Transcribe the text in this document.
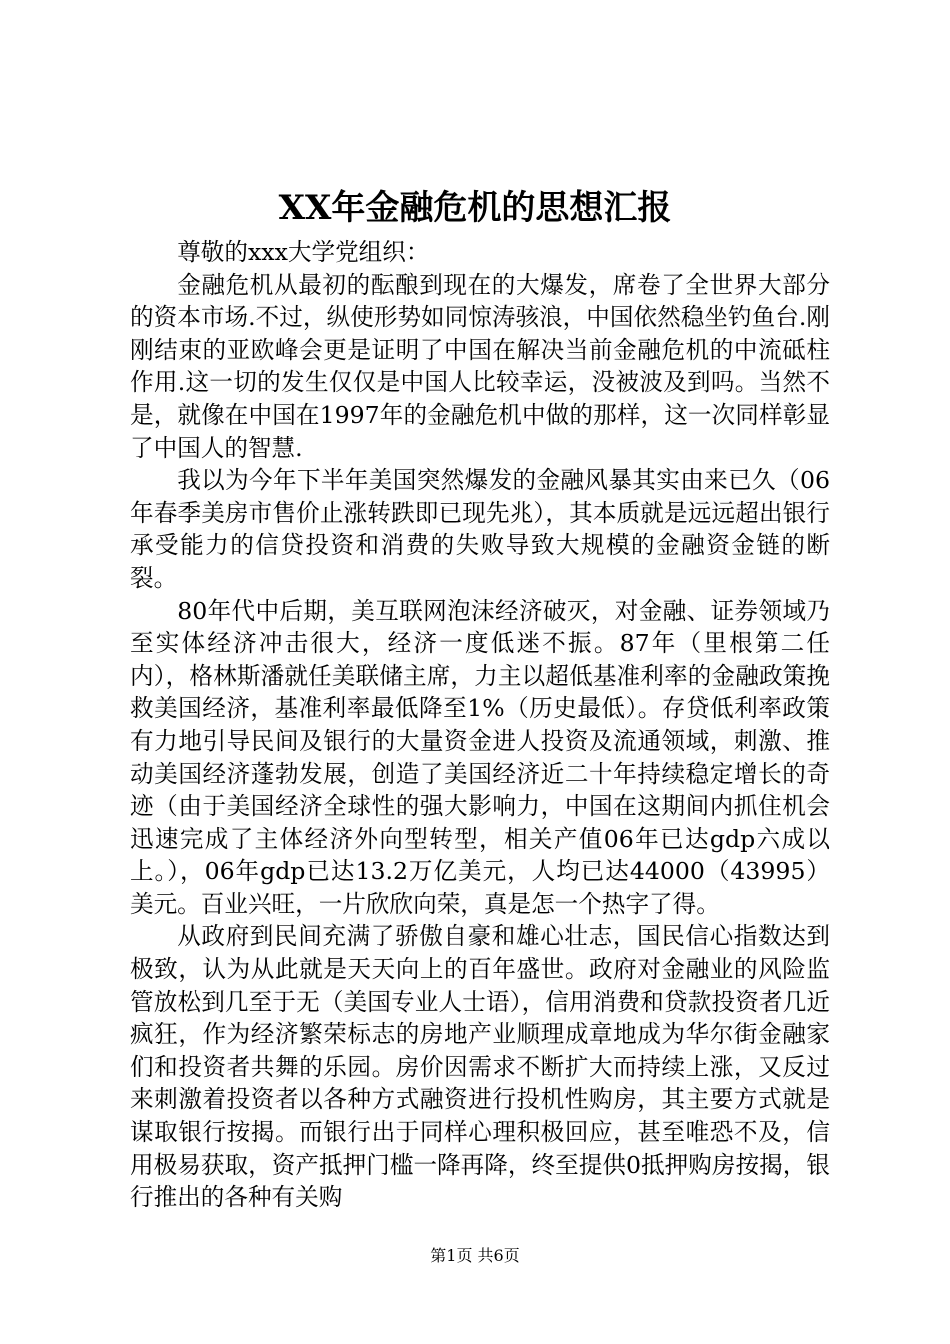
XX年金融危机的思想汇报

尊敬的xxx大学党组织：

金融危机从最初的酝酿到现在的大爆发，席卷了全世界大部分的资本市场.不过，纵使形势如同惊涛骇浪，中国依然稳坐钓鱼台.刚刚结束的亚欧峰会更是证明了中国在解决当前金融危机的中流砥柱作用.这一切的发生仅仅是中国人比较幸运，没被波及到吗。当然不是，就像在中国在1997年的金融危机中做的那样，这一次同样彰显了中国人的智慧.

我以为今年下半年美国突然爆发的金融风暴其实由来已久（06年春季美房市售价止涨转跌即已现先兆），其本质就是远远超出银行承受能力的信贷投资和消费的失败导致大规模的金融资金链的断裂。

80年代中后期，美互联网泡沫经济破灭，对金融、证券领域乃至实体经济冲击很大，经济一度低迷不振。87年（里根第二任内），格林斯潘就任美联储主席，力主以超低基准利率的金融政策挽救美国经济，基准利率最低降至1%（历史最低）。存贷低利率政策有力地引导民间及银行的大量资金进人投资及流通领域，刺激、推动美国经济蓬勃发展，创造了美国经济近二十年持续稳定增长的奇迹（由于美国经济全球性的强大影响力，中国在这期间内抓住机会迅速完成了主体经济外向型转型，相关产值06年已达gdp六成以上。），06年gdp已达13.2万亿美元，人均已达44000（43995）美元。百业兴旺，一片欣欣向荣，真是怎一个热字了得。

从政府到民间充满了骄傲自豪和雄心壮志，国民信心指数达到极致，认为从此就是天天向上的百年盛世。政府对金融业的风险监管放松到几至于无（美国专业人士语），信用消费和贷款投资者几近疯狂，作为经济繁荣标志的房地产业顺理成章地成为华尔街金融家们和投资者共舞的乐园。房价因需求不断扩大而持续上涨，又反过来刺激着投资者以各种方式融资进行投机性购房，其主要方式就是谋取银行按揭。而银行出于同样心理积极回应，甚至唯恐不及，信用极易获取，资产抵押门槛一降再降，终至提供0抵押购房按揭，银行推出的各种有关购

第1页 共6页
